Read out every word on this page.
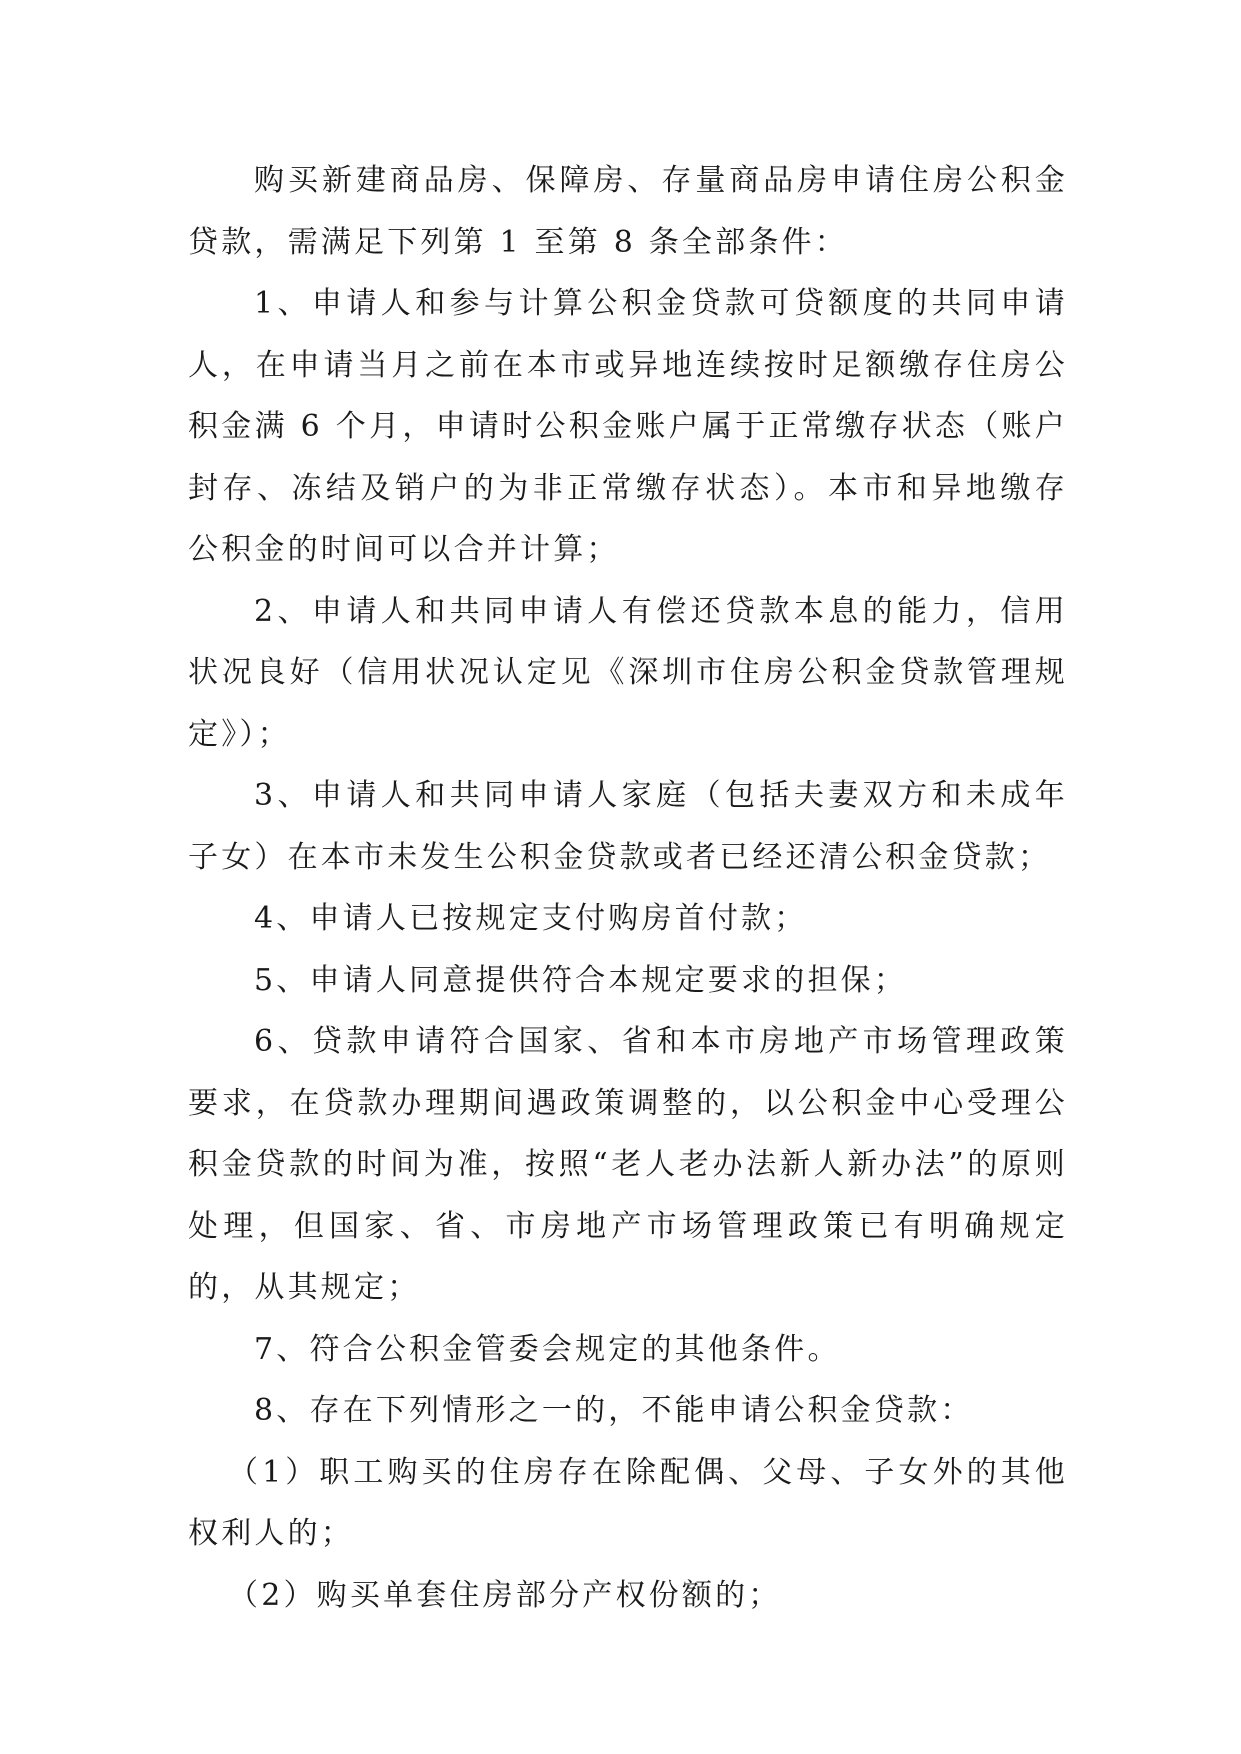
购买新建商品房、保障房、存量商品房申请住房公积金贷款，需满足下列第 1 至第 8 条全部条件：

1、申请人和参与计算公积金贷款可贷额度的共同申请人，在申请当月之前在本市或异地连续按时足额缴存住房公积金满 6 个月，申请时公积金账户属于正常缴存状态（账户封存、冻结及销户的为非正常缴存状态）。本市和异地缴存公积金的时间可以合并计算；

2、申请人和共同申请人有偿还贷款本息的能力，信用状况良好（信用状况认定见《深圳市住房公积金贷款管理规定》）；

3、申请人和共同申请人家庭（包括夫妻双方和未成年子女）在本市未发生公积金贷款或者已经还清公积金贷款；

4、申请人已按规定支付购房首付款；

5、申请人同意提供符合本规定要求的担保；

6、贷款申请符合国家、省和本市房地产市场管理政策要求，在贷款办理期间遇政策调整的，以公积金中心受理公积金贷款的时间为准，按照“老人老办法新人新办法”的原则处理，但国家、省、市房地产市场管理政策已有明确规定的，从其规定；

7、符合公积金管委会规定的其他条件。

8、存在下列情形之一的，不能申请公积金贷款：

（1）职工购买的住房存在除配偶、父母、子女外的其他权利人的；

（2）购买单套住房部分产权份额的；
